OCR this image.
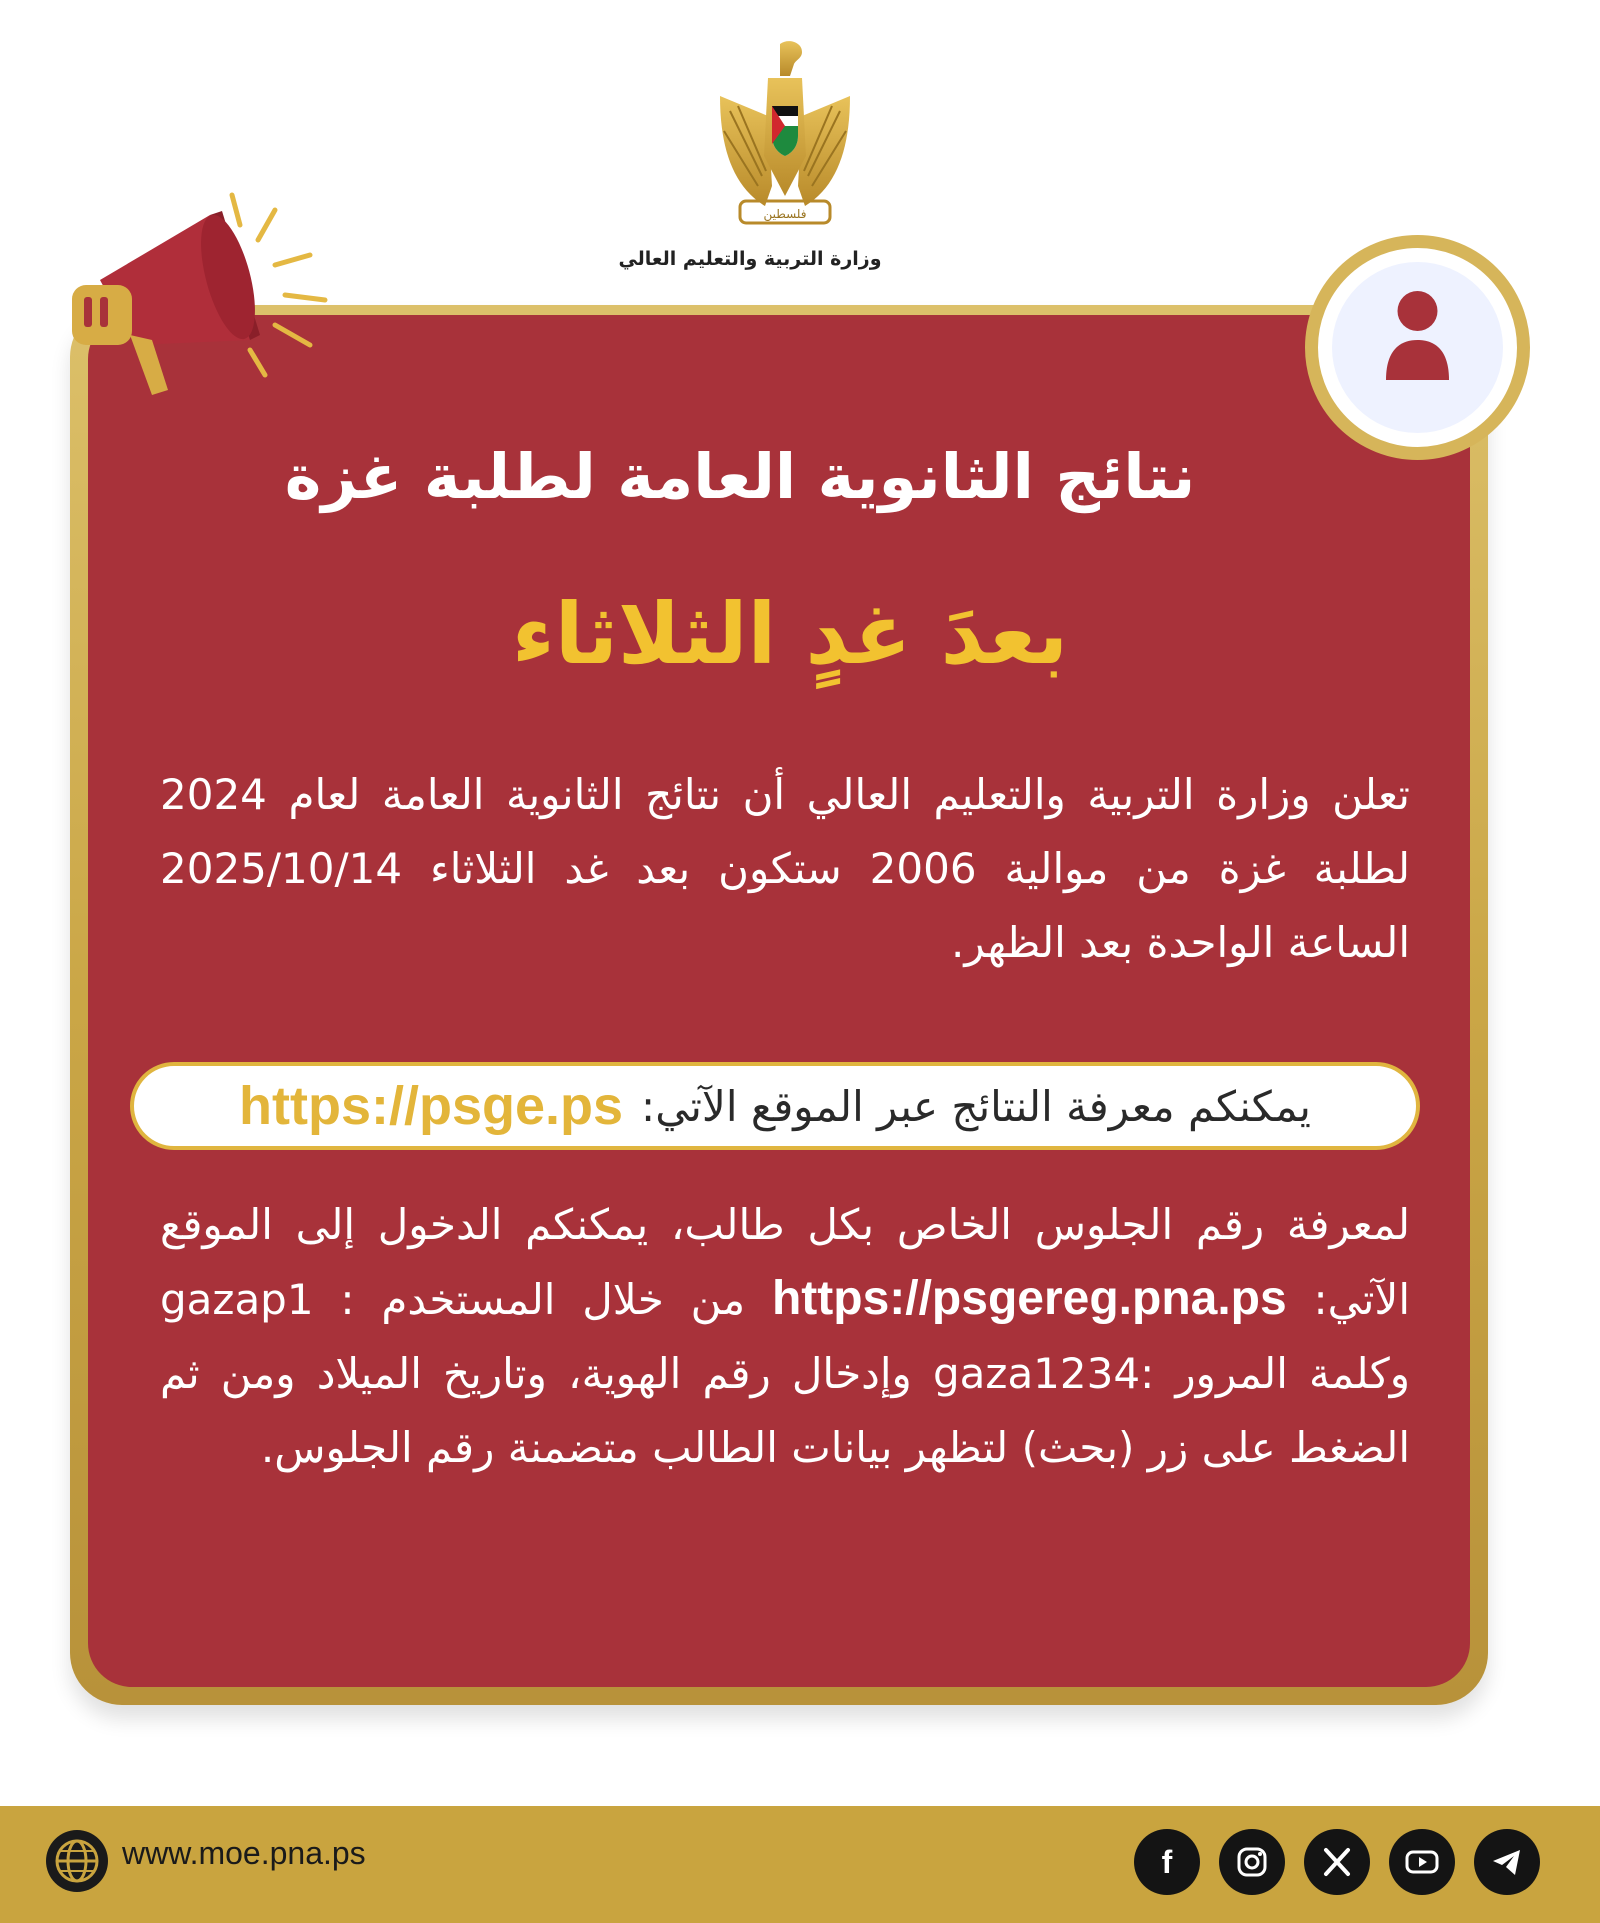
فلسطين
وزارة التربية والتعليم العالي
نتائج الثانوية العامة لطلبة غزة
بعدَ غدٍ الثلاثاء
تعلن وزارة التربية والتعليم العالي أن نتائج الثانوية العامة لعام 2024 لطلبة غزة من موالية 2006 ستكون بعد غد الثلاثاء 2025/10/14 الساعة الواحدة بعد الظهر.
يمكنكم معرفة النتائج عبر الموقع الآتي:
https://psge.ps
لمعرفة رقم الجلوس الخاص بكل طالب، يمكنكم الدخول إلى الموقع الآتي: https://psgereg.pna.ps من خلال المستخدم : gazap1 وكلمة المرور :gaza1234 وإدخال رقم الهوية، وتاريخ الميلاد ومن ثم الضغط على زر (بحث) لتظهر بيانات الطالب متضمنة رقم الجلوس.
www.moe.pna.ps	f
